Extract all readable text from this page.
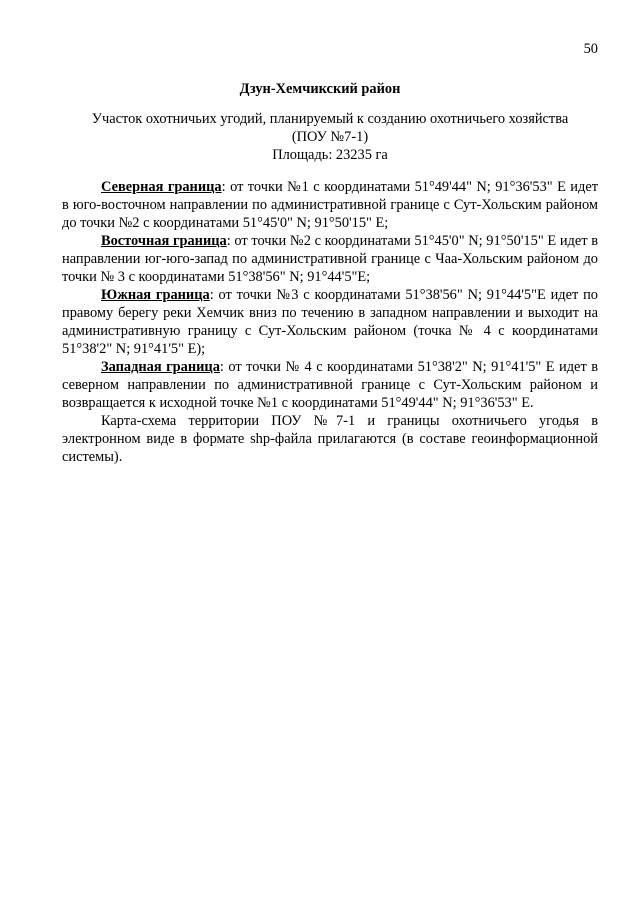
50
Дзун-Хемчикский район
Участок охотничьих угодий, планируемый к созданию охотничьего хозяйства
(ПОУ №7-1)
Площадь: 23235 га

Северная граница: от точки №1 с координатами 51°49'44" N; 91°36'53" E идет в юго-восточном направлении по административной границе с Сут-Хольским районом до точки №2 с координатами 51°45'0" N; 91°50'15" E;

Восточная граница: от точки №2 с координатами 51°45'0" N; 91°50'15" E идет в направлении юг-юго-запад по административной границе с Чаа-Хольским районом до точки № 3 с координатами 51°38'56" N; 91°44'5"E;

Южная граница: от точки №3 с координатами 51°38'56" N; 91°44'5"E идет по правому берегу реки Хемчик вниз по течению в западном направлении и выходит на административную границу с Сут-Хольским районом (точка № 4 с координатами 51°38'2" N; 91°41'5" E);

Западная граница: от точки № 4 с координатами 51°38'2" N; 91°41'5" E идет в северном направлении по административной границе с Сут-Хольским районом и возвращается к исходной точке №1 с координатами 51°49'44" N; 91°36'53" E.

Карта-схема территории ПОУ №7-1 и границы охотничьего угодья в электронном виде в формате shp-файла прилагаются (в составе геоинформационной системы).
